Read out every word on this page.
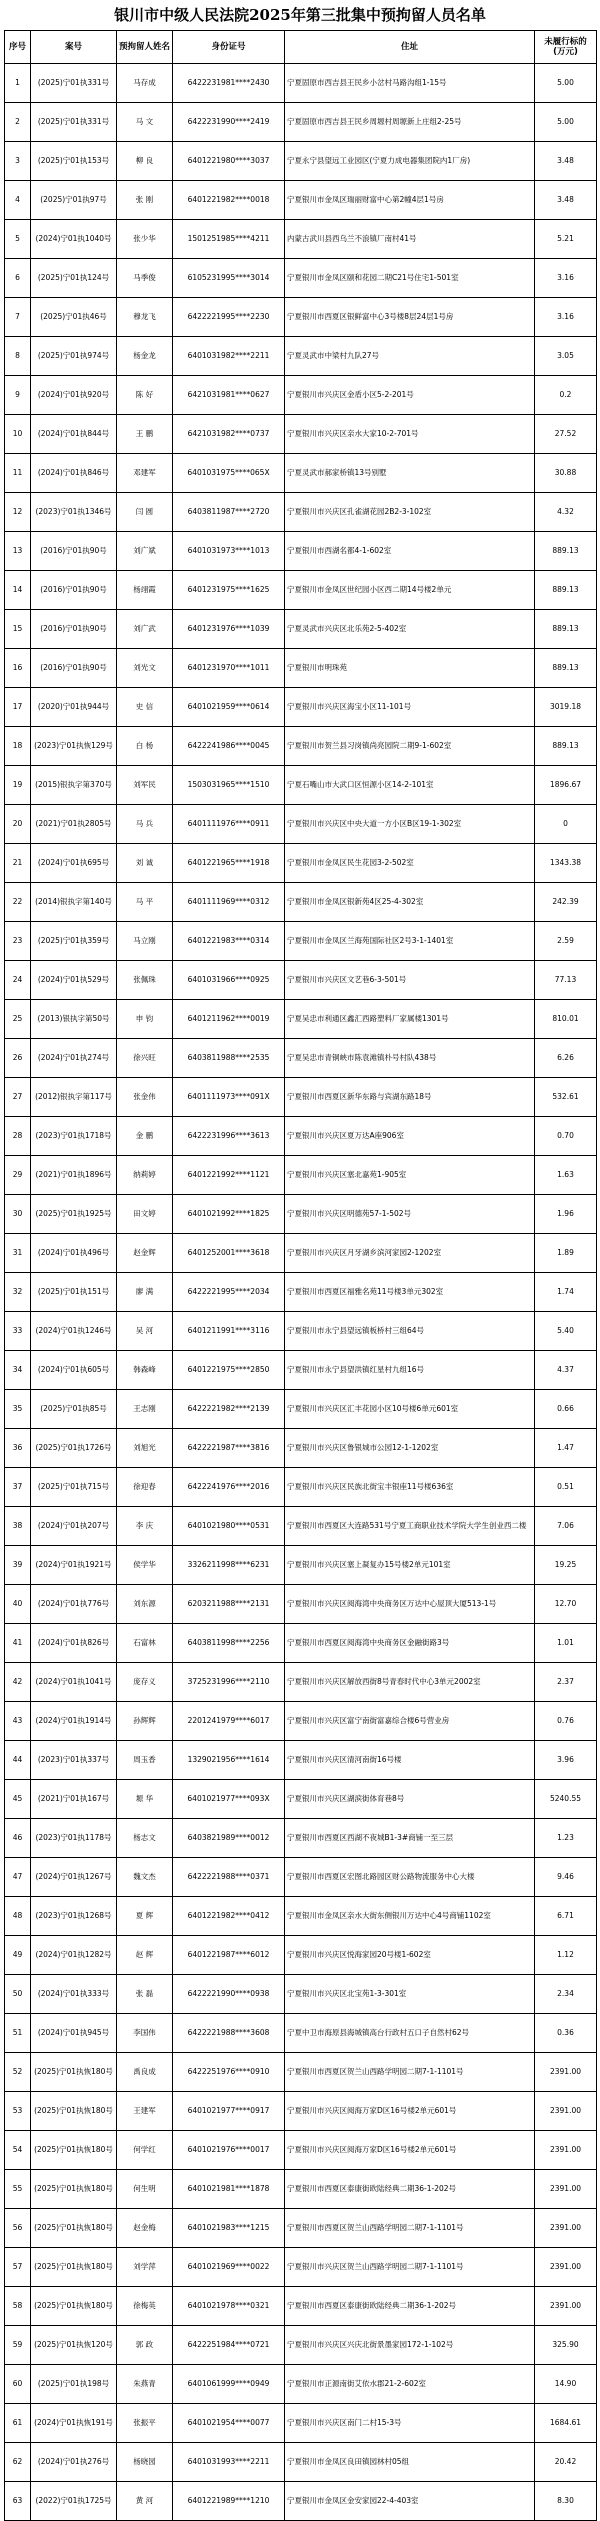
银川市中级人民法院2025年第三批集中预拘留人员名单
序号	案号	预拘留人姓名	身份证号	住址	未履行标的
(万元)
1	(2025)宁01执331号	马存成	6422231981****2430	宁夏固原市西吉县王民乡小岔村马路沟组1-15号	5.00
2	(2025)宁01执331号	马 文	6422231990****2419	宁夏固原市西吉县王民乡周塬村周塬新上庄组2-25号	5.00
3	(2025)宁01执153号	柳 良	6401221980****3037	宁夏永宁县望远工业园区(宁夏力成电器集团院内1厂房)	3.48
4	(2025)宁01执97号	张 刚	6401221982****0018	宁夏银川市金凤区瑞丽财富中心第2幢4层1号房	3.48
5	(2024)宁01执1040号	张少华	1501251985****4211	内蒙古武川县西乌兰不浪镇厂南村41号	5.21
6	(2025)宁01执124号	马季俊	6105231995****3014	宁夏银川市金凤区颐和花园二期C21号住宅1-501室	3.16
7	(2025)宁01执46号	穆龙飞	6422221995****2230	宁夏银川市西夏区银鲜富中心3号楼8层24层1号房	3.16
8	(2025)宁01执974号	杨金龙	6401031982****2211	宁夏灵武市中梁村九队27号	3.05
9	(2024)宁01执920号	陈 好	6421031981****0627	宁夏银川市兴庆区金盾小区5-2-201号	0.2
10	(2024)宁01执844号	王 鹏	6421031982****0737	宁夏银川市兴庆区亲水大家10-2-701号	27.52
11	(2024)宁01执846号	邓建军	6401031975****065X	宁夏灵武市郝家桥镇13号别墅	30.88
12	(2023)宁01执1346号	闫 圆	6403811987****2720	宁夏银川市兴庆区孔雀湖花园2B2-3-102室	4.32
13	(2016)宁01执90号	刘广斌	6401031973****1013	宁夏银川市西湖名都4-1-602室	889.13
14	(2016)宁01执90号	杨翊霞	6401231975****1625	宁夏银川市金凤区世纪园小区西二期14号楼2单元	889.13
15	(2016)宁01执90号	刘广武	6401231976****1039	宁夏灵武市兴庆区北乐苑2-5-402室	889.13
16	(2016)宁01执90号	刘光文	6401231970****1011	宁夏银川市明珠苑	889.13
17	(2020)宁01执944号	史 信	6401021959****0614	宁夏银川市兴庆区海宝小区11-101号	3019.18
18	(2023)宁01执恢129号	白 杨	6422241986****0045	宁夏银川市贺兰县习岗镇尚亮园院二期9-1-602室	889.13
19	(2015)银执字第370号	刘军民	1503031965****1510	宁夏石嘴山市大武口区恒源小区14-2-101室	1896.67
20	(2021)宁01执2805号	马 兵	6401111976****0911	宁夏银川市兴庆区中央大道一方小区B区19-1-302室	0
21	(2024)宁01执695号	刘 诚	6401221965****1918	宁夏银川市金凤区民生花园3-2-502室	1343.38
22	(2014)银执字第140号	马 平	6401111969****0312	宁夏银川市金凤区银新苑4区25-4-302室	242.39
23	(2025)宁01执359号	马立刚	6401221983****0314	宁夏银川市金凤区兰海苑国际社区2号3-1-1401室	2.59
24	(2024)宁01执529号	张佩珠	6401031966****0925	宁夏银川市兴庆区文艺巷6-3-501号	77.13
25	(2013)银执字第50号	申 钧	6401211962****0019	宁夏吴忠市利通区鑫汇西路塑料厂家属楼1301号	810.01
26	(2024)宁01执274号	徐兴旺	6403811988****2535	宁夏吴忠市青铜峡市陈袁滩镇朴号村队438号	6.26
27	(2012)银执字第117号	张金伟	6401111973****091X	宁夏银川市西夏区新华东路与宾湖东路18号	532.61
28	(2023)宁01执1718号	金 鹏	6422231996****3613	宁夏银川市兴庆区夏万达A座906室	0.70
29	(2021)宁01执1896号	纳莉婷	6401221992****1121	宁夏银川市兴庆区塞北嘉苑1-905室	1.63
30	(2025)宁01执1925号	田文婷	6401021992****1825	宁夏银川市兴庆区明德苑57-1-502号	1.96
31	(2024)宁01执496号	赵金辉	6401252001****3618	宁夏银川市兴庆区月牙湖乡滨河家园2-1202室	1.89
32	(2025)宁01执151号	廖 满	6422221995****2034	宁夏银川市西夏区福雅名苑11号楼3单元302室	1.74
33	(2024)宁01执1246号	吴 河	6401211991****3116	宁夏银川市永宁县望远镇板桥村三组64号	5.40
34	(2024)宁01执605号	韩森峰	6401221975****2850	宁夏银川市永宁县望洪镇红星村九组16号	4.37
35	(2025)宁01执85号	王志刚	6422221982****2139	宁夏银川市兴庆区汇丰花园小区10号楼6单元601室	0.66
36	(2025)宁01执1726号	刘旭光	6422221987****3816	宁夏银川市兴庆区鲁银城市公园12-1-1202室	1.47
37	(2025)宁01执715号	徐迎春	6422241976****2016	宁夏银川市兴庆区民族北街宝丰银座11号楼636室	0.51
38	(2024)宁01执207号	李 庆	6401021980****0531	宁夏银川市西夏区大连路531号宁夏工商职业技术学院大学生创业西二楼	7.06
39	(2024)宁01执1921号	侯学华	3326211998****6231	宁夏银川市兴庆区塞上凝复办15号楼2单元101室	19.25
40	(2024)宁01执776号	刘东源	6203211988****2131	宁夏银川市兴庆区阅海湾中央商务区万达中心屋顶大厦513-1号	12.70
41	(2024)宁01执826号	石富林	6403811998****2256	宁夏银川市西夏区阅海湾中央商务区金融街路3号	1.01
42	(2024)宁01执1041号	庞存义	3725231996****2110	宁夏银川市兴庆区解放西街8号青春时代中心3单元2002室	2.37
43	(2024)宁01执1914号	孙辉辉	2201241979****6017	宁夏银川市兴庆区富宁南街富嘉综合楼6号营业房	0.76
44	(2023)宁01执337号	周玉香	1329021956****1614	宁夏银川市兴庆区清河南街16号楼	3.96
45	(2021)宁01执167号	塬 华	6401021977****093X	宁夏银川市兴庆区湖滨街体育巷8号	5240.55
46	(2023)宁01执1178号	杨志文	6403821989****0012	宁夏银川市西夏区西湖不夜城B1-3#商铺一至三层	1.23
47	(2024)宁01执1267号	魏文杰	6422221988****0371	宁夏银川市西夏区宏图北路园区财公路物流服务中心大楼	9.46
48	(2023)宁01执1268号	夏 辉	6401221982****0412	宁夏银川市金凤区亲水大街东侧银川万达中心4号商铺1102室	6.71
49	(2024)宁01执1282号	赵 辉	6401221987****6012	宁夏银川市兴庆区悦海家园20号楼1-602室	1.12
50	(2024)宁01执333号	张 磊	6422221990****0938	宁夏银川市兴庆区北宝苑1-3-301室	2.34
51	(2024)宁01执945号	李国伟	6422221988****3608	宁夏中卫市海原县海城镇高台行政村五口子自然村62号	0.36
52	(2025)宁01执恢180号	禹良成	6422251976****0910	宁夏银川市西夏区贺兰山西路学明园二期7-1-1101号	2391.00
53	(2025)宁01执恢180号	王建军	6401021977****0917	宁夏银川市兴庆区阅海万家D区16号楼2单元601号	2391.00
54	(2025)宁01执恢180号	何学红	6401021976****0017	宁夏银川市兴庆区阅海万家D区16号楼2单元601号	2391.00
55	(2025)宁01执恢180号	何生明	6401021981****1878	宁夏银川市西夏区泰康街欧陆经典二期36-1-202号	2391.00
56	(2025)宁01执恢180号	赵金梅	6401021983****1215	宁夏银川市西夏区贺兰山西路学明园二期7-1-1101号	2391.00
57	(2025)宁01执恢180号	刘学萍	6401021969****0022	宁夏银川市兴庆区贺兰山西路学明园二期7-1-1101号	2391.00
58	(2025)宁01执恢180号	徐梅英	6401021978****0321	宁夏银川市西夏区泰康街欧陆经典二期36-1-202号	2391.00
59	(2025)宁01执恢120号	郭 政	6422251984****0721	宁夏银川市兴庆区兴庆北街景墨家园172-1-102号	325.90
60	(2025)宁01执198号	朱燕青	6401061999****0949	宁夏银川市正源南街艾依水郡21-2-602室	14.90
61	(2024)宁01执恢191号	张振平	6401021954****0077	宁夏银川市兴庆区南门二村15-3号	1684.61
62	(2024)宁01执276号	杨晓园	6401031993****2211	宁夏银川市金凤区良田镇园林村05组	20.42
63	(2022)宁01执1725号	黄 河	6401221989****1210	宁夏银川市金凤区金安家园22-4-403室	8.30
